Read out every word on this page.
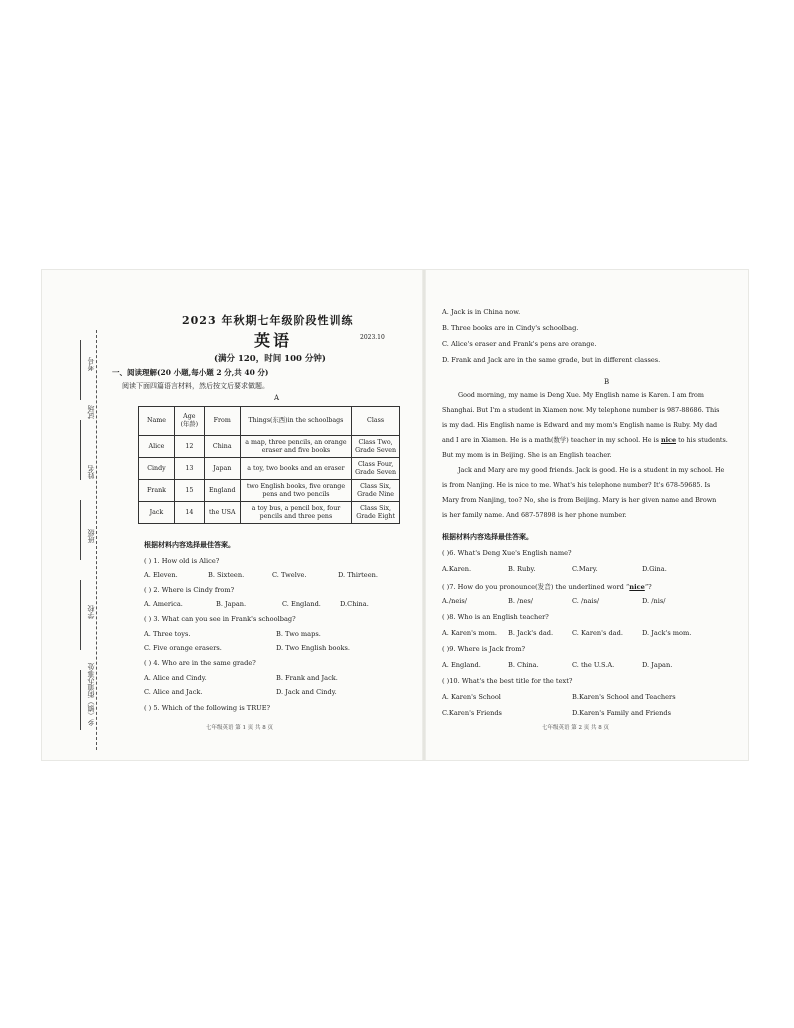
考号
试场
姓名
班级
学校
乡（镇）街道办事处
2023 年秋期七年级阶段性训练
英语	2023.10
(满分 120，时间 100 分钟)
一、阅读理解(20 小题,每小题 2 分,共 40 分)
阅读下面四篇语言材料，然后按文后要求做题。
A
Name	Age
(年龄)	From	Things(东西)in the schoolbags	Class
Alice	12	China	a map, three pencils, an orange eraser and five books	Class Two, Grade Seven
Cindy	13	Japan	a toy, two books and an eraser	Class Four, Grade Seven
Frank	15	England	two English books, five orange pens and two pencils	Class Six, Grade Nine
Jack	14	the USA	a toy bus, a pencil box, four pencils and three pens	Class Six, Grade Eight
根据材料内容选择最佳答案。
( ) 1. How old is Alice?
A. Eleven.	B. Sixteen.	C. Twelve.	D. Thirteen.
( ) 2. Where is Cindy from?
A. America.	B. Japan.	C. England.	D.China.
( ) 3. What can you see in Frank's schoolbag?
A. Three toys.	B. Two maps.
C. Five orange erasers.	D. Two English books.
( ) 4. Who are in the same grade?
A. Alice and Cindy.	B. Frank and Jack.
C. Alice and Jack.	D. Jack and Cindy.
( ) 5. Which of the following is TRUE?
七年级英语 第 1 页 共 8 页
A. Jack is in China now.
B. Three books are in Cindy's schoolbag.
C. Alice's eraser and Frank's pens are orange.
D. Frank and Jack are in the same grade, but in different classes.
B
Good morning, my name is Deng Xue. My English name is Karen. I am from
Shanghai. But I'm a student in Xiamen now. My telephone number is 987-88686. This
is my dad. His English name is Edward and my mom's English name is Ruby. My dad
and I are in Xiamen. He is a math(数学) teacher in my school. He is nice to his students.
But my mom is in Beijing. She is an English teacher.
Jack and Mary are my good friends. Jack is good. He is a student in my school. He
is from Nanjing. He is nice to me. What's his telephone number? It's 678-59685. Is
Mary from Nanjing, too? No, she is from Beijing. Mary is her given name and Brown
is her family name. And 687-57898 is her phone number.
根据材料内容选择最佳答案。
( )6. What's Deng Xue's English name?
A.Karen.	B. Ruby.	C.Mary.	D.Gina.
( )7. How do you pronounce(发音) the underlined word “nice”?
A./neis/	B. /nes/	C. /nais/	D. /nis/
( )8. Who is an English teacher?
A. Karen's mom. B. Jack's dad.	C. Karen's dad.	D. Jack's mom.
( )9. Where is Jack from?
A. England.	B. China.	C. the U.S.A.	D. Japan.
( )10. What's the best title for the text?
A. Karen's School	B.Karen's School and Teachers
C.Karen's Friends	D.Karen's Family and Friends
七年级英语 第 2 页 共 8 页
